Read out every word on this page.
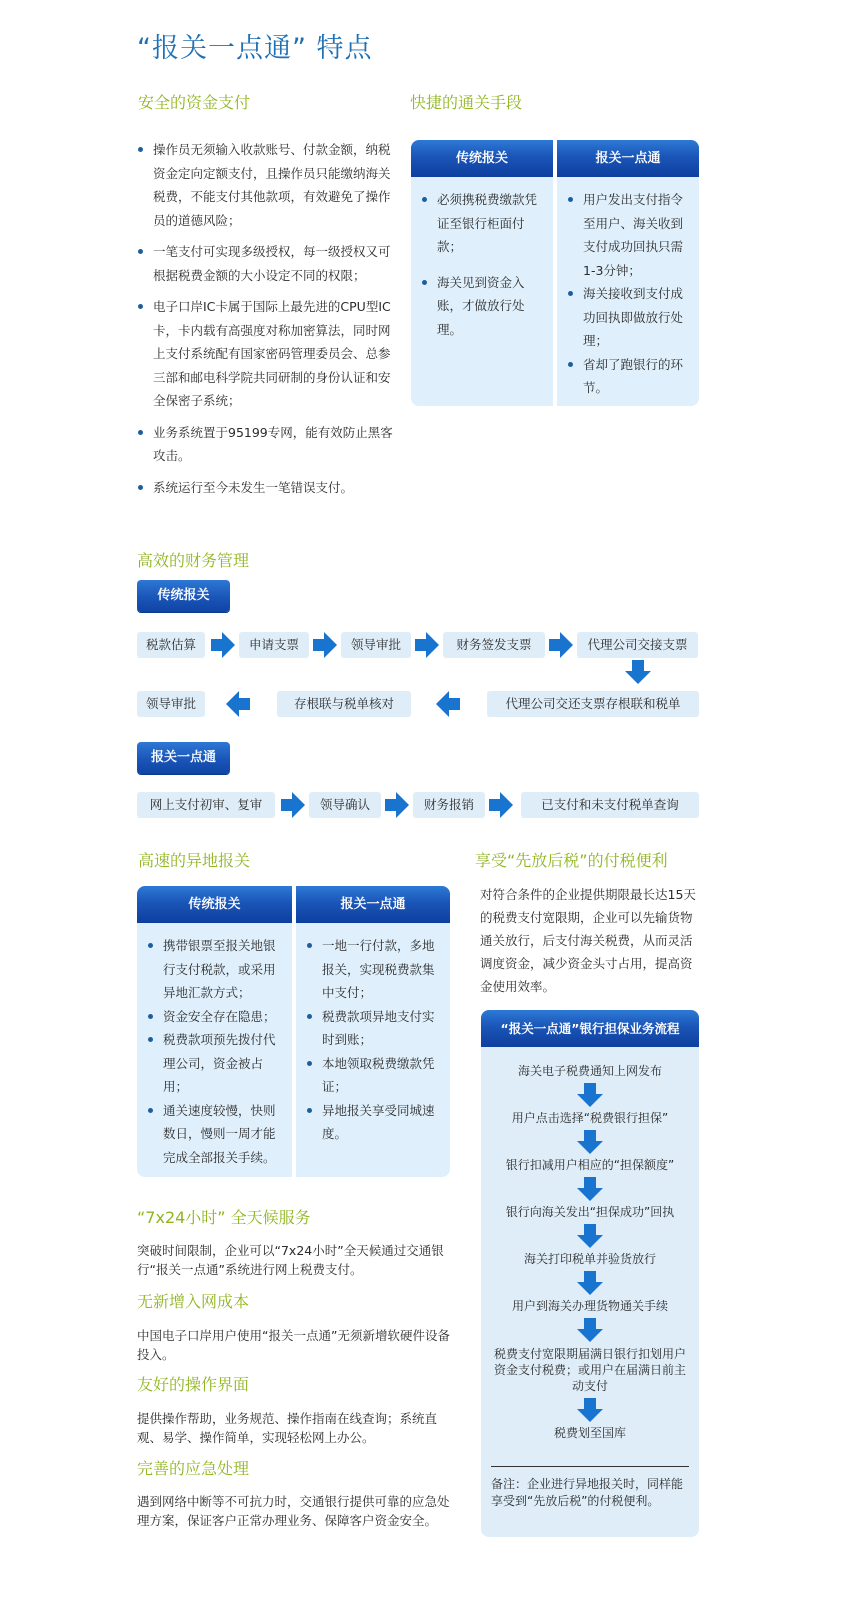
“报关一点通” 特点
安全的资金支付
操作员无须输入收款账号、付款金额，纳税资金定向定额支付，且操作员只能缴纳海关税费，不能支付其他款项，有效避免了操作员的道德风险；
一笔支付可实现多级授权，每一级授权又可根据税费金额的大小设定不同的权限；
电子口岸IC卡属于国际上最先进的CPU型IC卡，卡内载有高强度对称加密算法，同时网上支付系统配有国家密码管理委员会、总参三部和邮电科学院共同研制的身份认证和安全保密子系统；
业务系统置于95199专网，能有效防止黑客攻击。
系统运行至今未发生一笔错误支付。
快捷的通关手段
传统报关
必须携税费缴款凭证至银行柜面付款；
海关见到资金入账，才做放行处理。
报关一点通
用户发出支付指令至用户、海关收到支付成功回执只需1-3分钟；
海关接收到支付成功回执即做放行处理；
省却了跑银行的环节。
高效的财务管理
传统报关
税款估算	申请支票	领导审批	财务签发支票	代理公司交接支票
领导审批	存根联与税单核对	代理公司交还支票存根联和税单
报关一点通
网上支付初审、复审	领导确认	财务报销	已支付和未支付税单查询
高速的异地报关
传统报关
携带银票至报关地银行支付税款，或采用异地汇款方式；
资金安全存在隐患；
税费款项预先拨付代理公司，资金被占用；
通关速度较慢，快则数日，慢则一周才能完成全部报关手续。
报关一点通
一地一行付款，多地报关，实现税费款集中支付；
税费款项异地支付实时到账；
本地领取税费缴款凭证；
异地报关享受同城速度。
“7x24小时” 全天候服务
突破时间限制，企业可以“7x24小时”全天候通过交通银行“报关一点通”系统进行网上税费支付。
无新增入网成本
中国电子口岸用户使用“报关一点通”无须新增软硬件设备投入。
友好的操作界面
提供操作帮助，业务规范、操作指南在线查询；系统直观、易学、操作简单，实现轻松网上办公。
完善的应急处理
遇到网络中断等不可抗力时，交通银行提供可靠的应急处理方案，保证客户正常办理业务、保障客户资金安全。
享受“先放后税”的付税便利
对符合条件的企业提供期限最长达15天的税费支付宽限期，企业可以先输货物通关放行，后支付海关税费，从而灵活调度资金，减少资金头寸占用，提高资金使用效率。
“报关一点通”银行担保业务流程
海关电子税费通知上网发布
用户点击选择“税费银行担保”
银行扣减用户相应的“担保额度”
银行向海关发出“担保成功”回执
海关打印税单并验货放行
用户到海关办理货物通关手续
税费支付宽限期届满日银行扣划用户资金支付税费；或用户在届满日前主动支付
税费划至国库
备注：企业进行异地报关时，同样能享受到“先放后税”的付税便利。
